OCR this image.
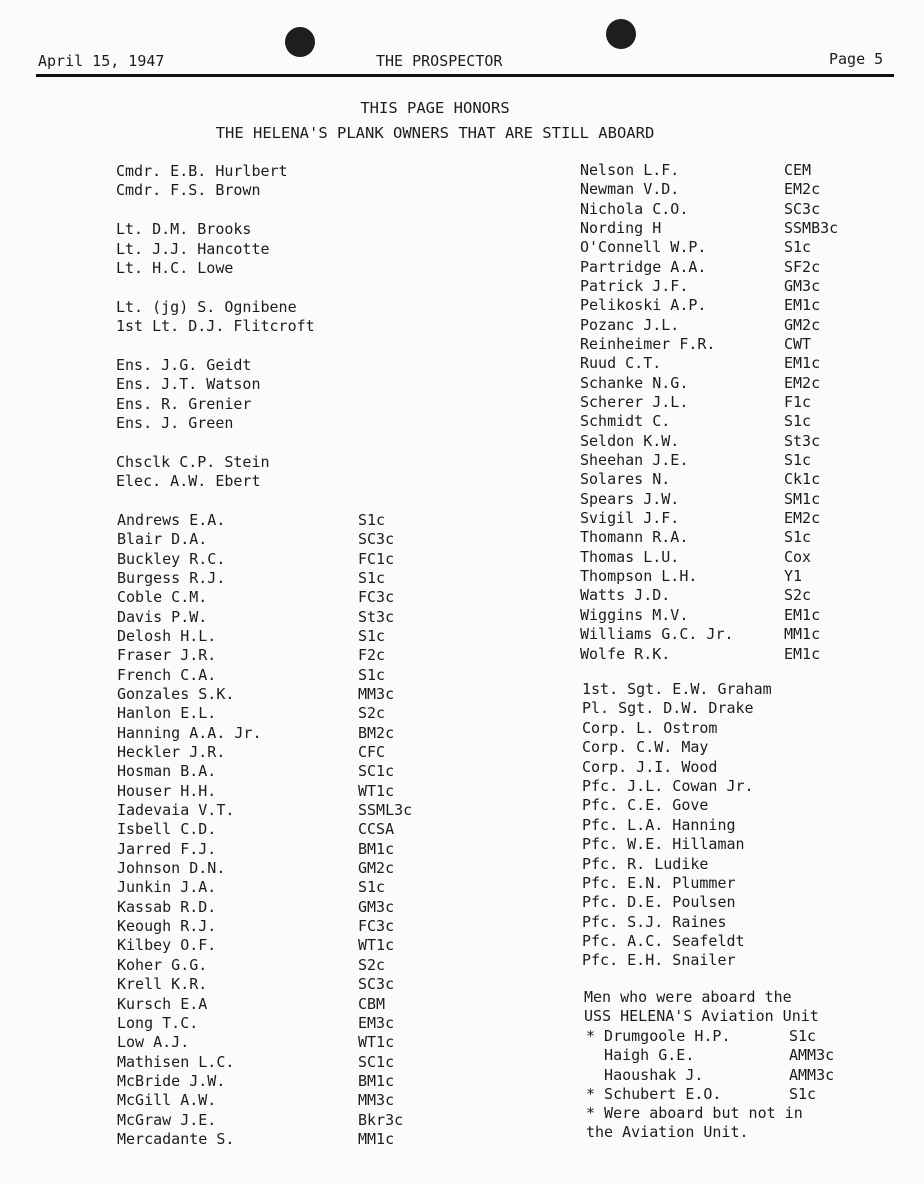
April 15, 1947	THE PROSPECTOR	Page 5
THIS PAGE HONORS
THE HELENA'S PLANK OWNERS THAT ARE STILL ABOARD
Cmdr. E.B. Hurlbert
Cmdr. F.S. Brown
Lt. D.M. Brooks
Lt. J.J. Hancotte
Lt. H.C. Lowe
Lt. (jg) S. Ognibene
1st Lt. D.J. Flitcroft
Ens. J.G. Geidt
Ens. J.T. Watson
Ens. R. Grenier
Ens. J. Green
Chsclk C.P. Stein
Elec. A.W. Ebert
Andrews E.A.	S1c
Blair D.A.	SC3c
Buckley R.C.	FC1c
Burgess R.J.	S1c
Coble C.M.	FC3c
Davis P.W.	St3c
Delosh H.L.	S1c
Fraser J.R.	F2c
French C.A.	S1c
Gonzales S.K.	MM3c
Hanlon E.L.	S2c
Hanning A.A. Jr.	BM2c
Heckler J.R.	CFC
Hosman B.A.	SC1c
Houser H.H.	WT1c
Iadevaia V.T.	SSML3c
Isbell C.D.	CCSA
Jarred F.J.	BM1c
Johnson D.N.	GM2c
Junkin J.A.	S1c
Kassab R.D.	GM3c
Keough R.J.	FC3c
Kilbey O.F.	WT1c
Koher G.G.	S2c
Krell K.R.	SC3c
Kursch E.A	CBM
Long T.C.	EM3c
Low A.J.	WT1c
Mathisen L.C.	SC1c
McBride J.W.	BM1c
McGill A.W.	MM3c
McGraw J.E.	Bkr3c
Mercadante S.	MM1c
Nelson L.F.	CEM
Newman V.D.	EM2c
Nichola C.O.	SC3c
Nording H	SSMB3c
O'Connell W.P.	S1c
Partridge A.A.	SF2c
Patrick J.F.	GM3c
Pelikoski A.P.	EM1c
Pozanc J.L.	GM2c
Reinheimer F.R.	CWT
Ruud C.T.	EM1c
Schanke N.G.	EM2c
Scherer J.L.	F1c
Schmidt C.	S1c
Seldon K.W.	St3c
Sheehan J.E.	S1c
Solares N.	Ck1c
Spears J.W.	SM1c
Svigil J.F.	EM2c
Thomann R.A.	S1c
Thomas L.U.	Cox
Thompson L.H.	Y1
Watts J.D.	S2c
Wiggins M.V.	EM1c
Williams G.C. Jr.	MM1c
Wolfe R.K.	EM1c
1st. Sgt. E.W. Graham
Pl. Sgt. D.W. Drake
Corp. L. Ostrom
Corp. C.W. May
Corp. J.I. Wood
Pfc. J.L. Cowan Jr.
Pfc. C.E. Gove
Pfc. L.A. Hanning
Pfc. W.E. Hillaman
Pfc. R. Ludike
Pfc. E.N. Plummer
Pfc. D.E. Poulsen
Pfc. S.J. Raines
Pfc. A.C. Seafeldt
Pfc. E.H. Snailer
Men who were aboard the
USS HELENA'S Aviation Unit
* Drumgoole H.P.	S1c
Haigh G.E.	AMM3c
Haoushak J.	AMM3c
* Schubert E.O.	S1c
* Were aboard but not in
the Aviation Unit.
